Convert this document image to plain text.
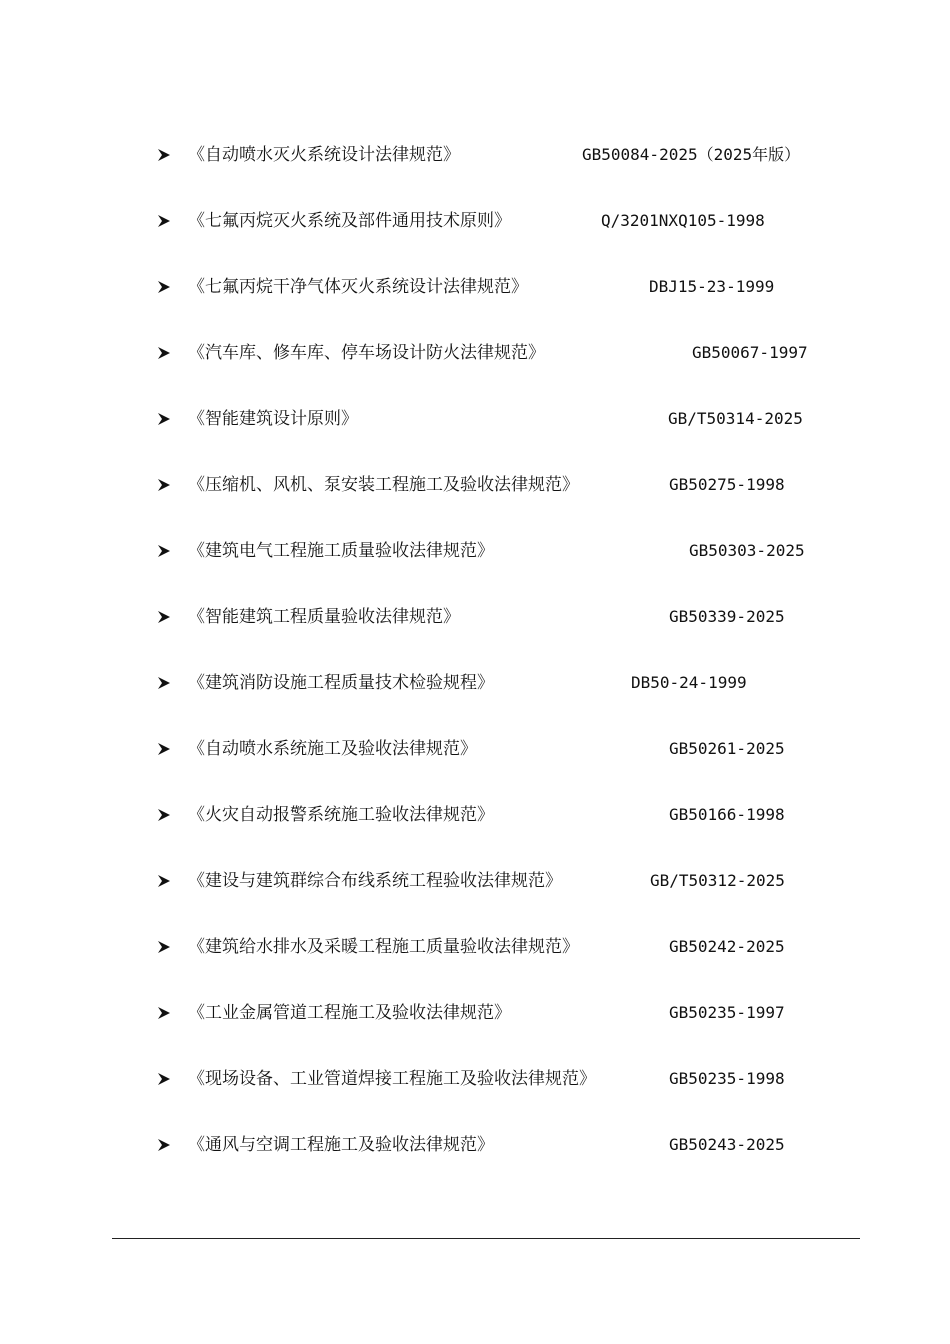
《自动喷水灭火系统设计法律规范》	GB50084-2025（2025年版）
《七氟丙烷灭火系统及部件通用技术原则》	Q/3201NXQ105-1998
《七氟丙烷干净气体灭火系统设计法律规范》	DBJ15-23-1999
《汽车库、修车库、停车场设计防火法律规范》	GB50067-1997
《智能建筑设计原则》	GB/T50314-2025
《压缩机、风机、泵安装工程施工及验收法律规范》	GB50275-1998
《建筑电气工程施工质量验收法律规范》	GB50303-2025
《智能建筑工程质量验收法律规范》	GB50339-2025
《建筑消防设施工程质量技术检验规程》	DB50-24-1999
《自动喷水系统施工及验收法律规范》	GB50261-2025
《火灾自动报警系统施工验收法律规范》	GB50166-1998
《建设与建筑群综合布线系统工程验收法律规范》	GB/T50312-2025
《建筑给水排水及采暖工程施工质量验收法律规范》	GB50242-2025
《工业金属管道工程施工及验收法律规范》	GB50235-1997
《现场设备、工业管道焊接工程施工及验收法律规范》	GB50235-1998
《通风与空调工程施工及验收法律规范》	GB50243-2025
